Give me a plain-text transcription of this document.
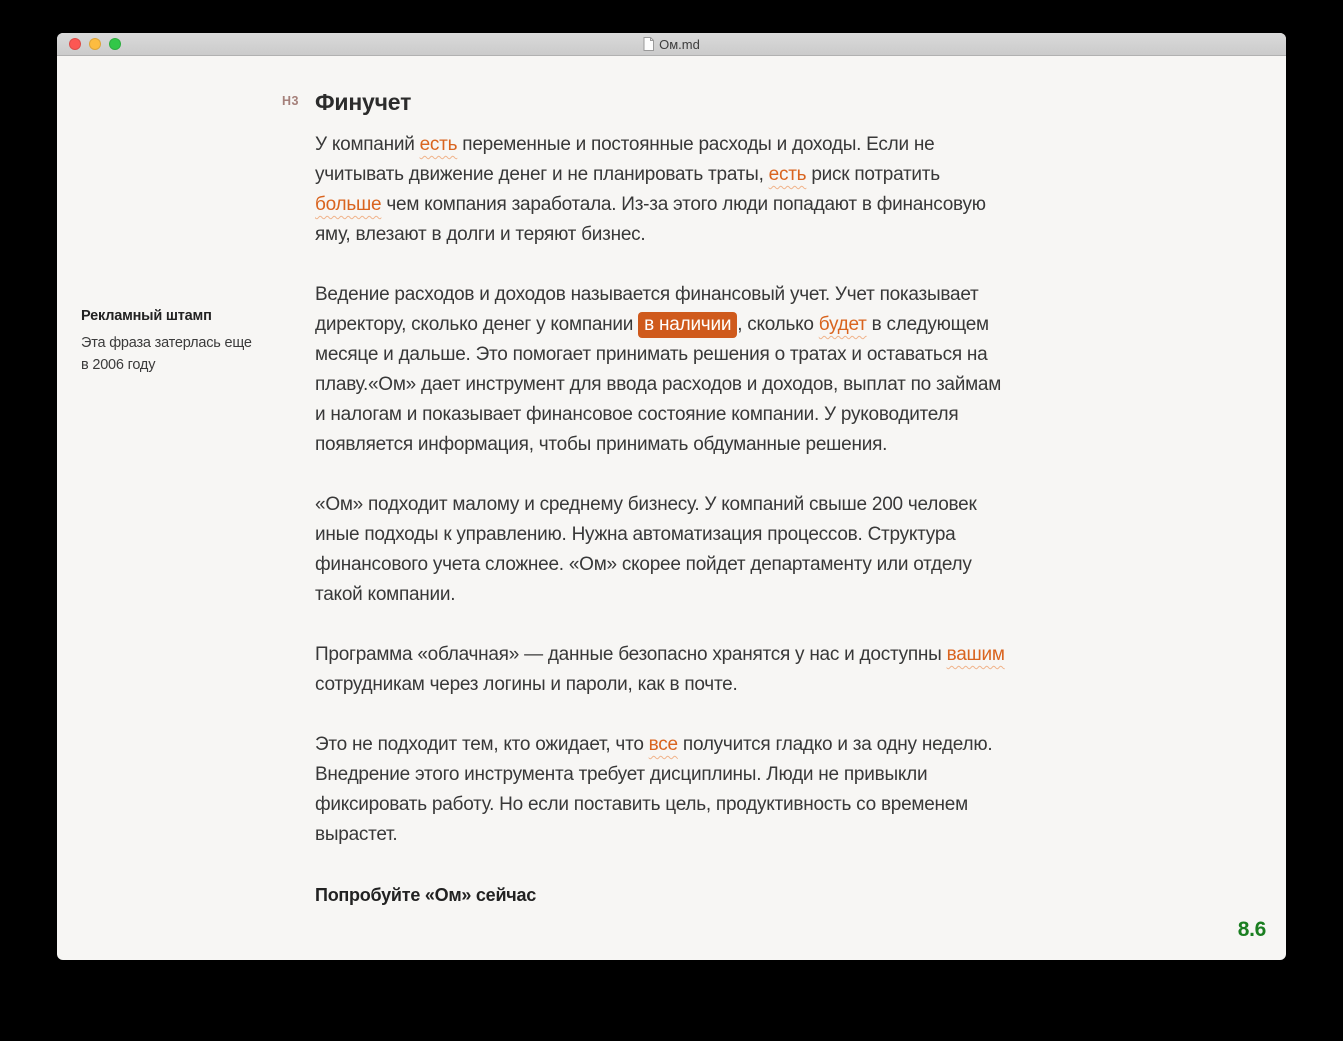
Ом.md

Рекламный штамп

Эта фраза затерлась еще в 2006 году

H3 Финучет

У компаний есть переменные и постоянные расходы и доходы. Если не учитывать движение денег и не планировать траты, есть риск потратить больше чем компания заработала. Из-за этого люди попадают в финансовую яму, влезают в долги и теряют бизнес.

Ведение расходов и доходов называется финансовый учет. Учет показывает директору, сколько денег у компании в наличии , сколько будет в следующем месяце и дальше. Это помогает принимать решения о тратах и оставаться на плаву.«Ом» дает инструмент для ввода расходов и доходов, выплат по займам и налогам и показывает финансовое состояние компании. У руководителя появляется информация, чтобы принимать обдуманные решения.

«Ом» подходит малому и среднему бизнесу. У компаний свыше 200 человек иные подходы к управлению. Нужна автоматизация процессов. Структура финансового учета сложнее. «Ом» скорее пойдет департаменту или отделу такой компании.

Программа «облачная» — данные безопасно хранятся у нас и доступны вашим сотрудникам через логины и пароли, как в почте.

Это не подходит тем, кто ожидает, что все получится гладко и за одну неделю. Внедрение этого инструмента требует дисциплины. Люди не привыкли фиксировать работу. Но если поставить цель, продуктивность со временем вырастет.

Попробуйте «Ом» сейчас

8.6
